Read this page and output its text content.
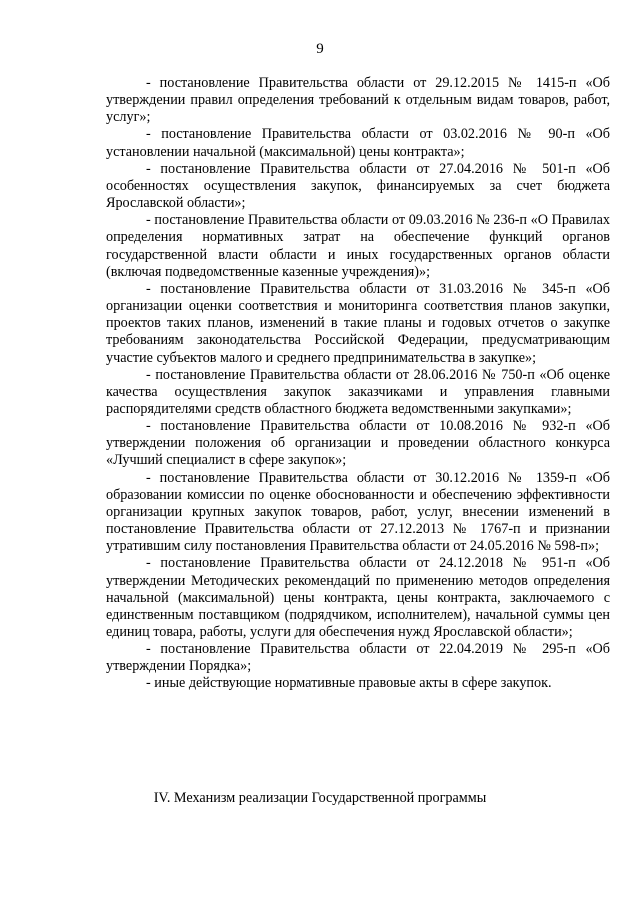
9

- постановление Правительства области от 29.12.2015 № 1415-п «Об утверждении правил определения требований к отдельным видам товаров, работ, услуг»;

- постановление Правительства области от 03.02.2016 № 90-п «Об установлении начальной (максимальной) цены контракта»;

- постановление Правительства области от 27.04.2016 № 501-п «Об особенностях осуществления закупок, финансируемых за счет бюджета Ярославской области»;

- постановление Правительства области от 09.03.2016 № 236-п «О Правилах определения нормативных затрат на обеспечение функций органов государственной власти области и иных государственных органов области (включая подведомственные казенные учреждения)»;

- постановление Правительства области от 31.03.2016 № 345-п «Об организации оценки соответствия и мониторинга соответствия планов закупки, проектов таких планов, изменений в такие планы и годовых отчетов о закупке требованиям законодательства Российской Федерации, предусматривающим участие субъектов малого и среднего предпринимательства в закупке»;

- постановление Правительства области от 28.06.2016 № 750-п «Об оценке качества осуществления закупок заказчиками и управления главными распорядителями средств областного бюджета ведомственными закупками»;

- постановление Правительства области от 10.08.2016 № 932-п «Об утверждении положения об организации и проведении областного конкурса «Лучший специалист в сфере закупок»;

- постановление Правительства области от 30.12.2016 № 1359-п «Об образовании комиссии по оценке обоснованности и обеспечению эффективности организации крупных закупок товаров, работ, услуг, внесении изменений в постановление Правительства области от 27.12.2013 № 1767-п и признании утратившим силу постановления Правительства области от 24.05.2016 № 598-п»;

- постановление Правительства области от 24.12.2018 № 951-п «Об утверждении Методических рекомендаций по применению методов определения начальной (максимальной) цены контракта, цены контракта, заключаемого с единственным поставщиком (подрядчиком, исполнителем), начальной суммы цен единиц товара, работы, услуги для обеспечения нужд Ярославской области»;

- постановление Правительства области от 22.04.2019 № 295-п «Об утверждении Порядка»;

- иные действующие нормативные правовые акты в сфере закупок.

IV. Механизм реализации Государственной программы
